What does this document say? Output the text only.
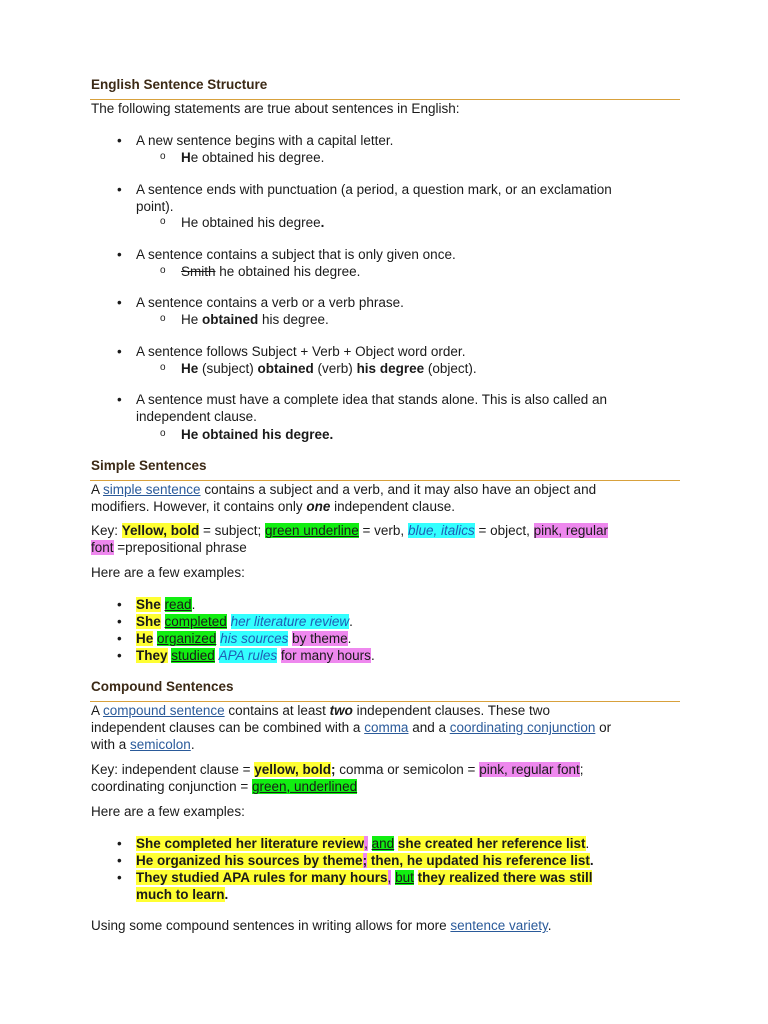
English Sentence Structure
The following statements are true about sentences in English:
• A new sentence begins with a capital letter.
o He obtained his degree.
• A sentence ends with punctuation (a period, a question mark, or an exclamation
point).
o He obtained his degree.
• A sentence contains a subject that is only given once.
o Smith he obtained his degree.
• A sentence contains a verb or a verb phrase.
o He obtained his degree.
• A sentence follows Subject + Verb + Object word order.
o He (subject) obtained (verb) his degree (object).
• A sentence must have a complete idea that stands alone. This is also called an
independent clause.
o He obtained his degree.
Simple Sentences
A simple sentence contains a subject and a verb, and it may also have an object and
modifiers. However, it contains only one independent clause.
Key: Yellow, bold = subject; green underline = verb, blue, italics = object, pink, regular
font =prepositional phrase
Here are a few examples:
• She read.
• She completed her literature review.
• He organized his sources by theme.
• They studied APA rules for many hours.
Compound Sentences
A compound sentence contains at least two independent clauses. These two
independent clauses can be combined with a comma and a coordinating conjunction or
with a semicolon.
Key: independent clause = yellow, bold; comma or semicolon = pink, regular font;
coordinating conjunction = green, underlined
Here are a few examples:
• She completed her literature review, and she created her reference list.
• He organized his sources by theme; then, he updated his reference list.
• They studied APA rules for many hours, but they realized there was still
much to learn.
Using some compound sentences in writing allows for more sentence variety.
